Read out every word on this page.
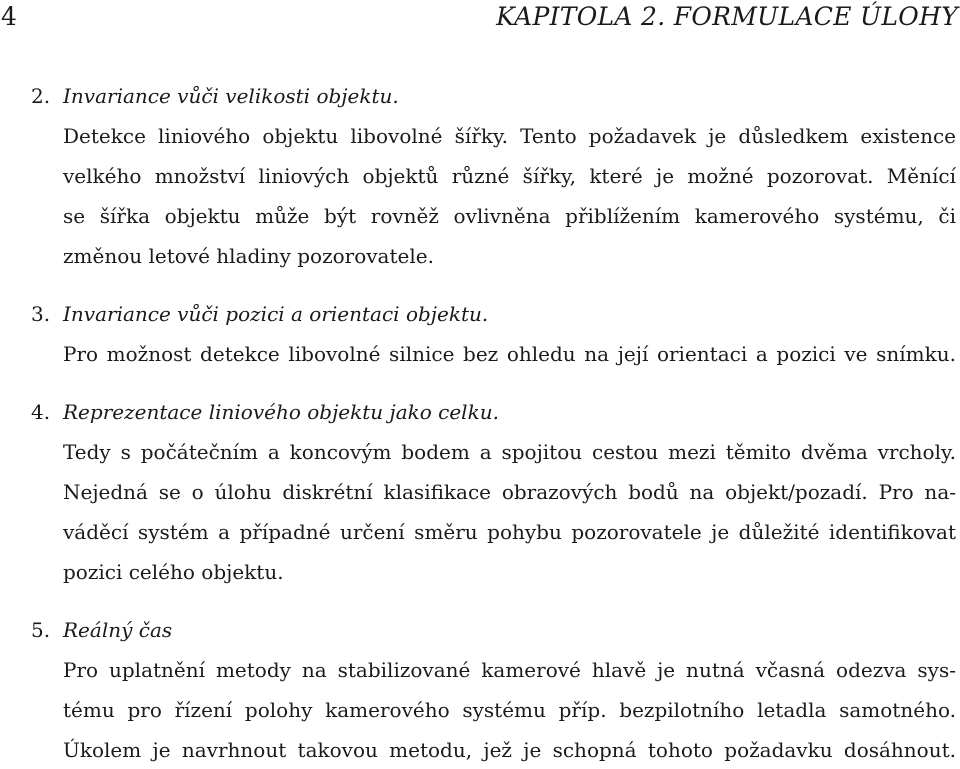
4	KAPITOLA 2. FORMULACE ÚLOHY
2. Invariance vůči velikosti objektu.
Detekce liniového objektu libovolné šířky. Tento požadavek je důsledkem existence
velkého množství liniových objektů různé šířky, které je možné pozorovat. Měnící
se šířka objektu může být rovněž ovlivněna přiblížením kamerového systému, či
změnou letové hladiny pozorovatele.
3. Invariance vůči pozici a orientaci objektu.
Pro možnost detekce libovolné silnice bez ohledu na její orientaci a pozici ve snímku.
4. Reprezentace liniového objektu jako celku.
Tedy s počátečním a koncovým bodem a spojitou cestou mezi těmito dvěma vrcholy.
Nejedná se o úlohu diskrétní klasifikace obrazových bodů na objekt/pozadí. Pro na-
váděcí systém a případné určení směru pohybu pozorovatele je důležité identifikovat
pozici celého objektu.
5. Reálný čas
Pro uplatnění metody na stabilizované kamerové hlavě je nutná včasná odezva sys-
tému pro řízení polohy kamerového systému příp. bezpilotního letadla samotného.
Úkolem je navrhnout takovou metodu, jež je schopná tohoto požadavku dosáhnout.
